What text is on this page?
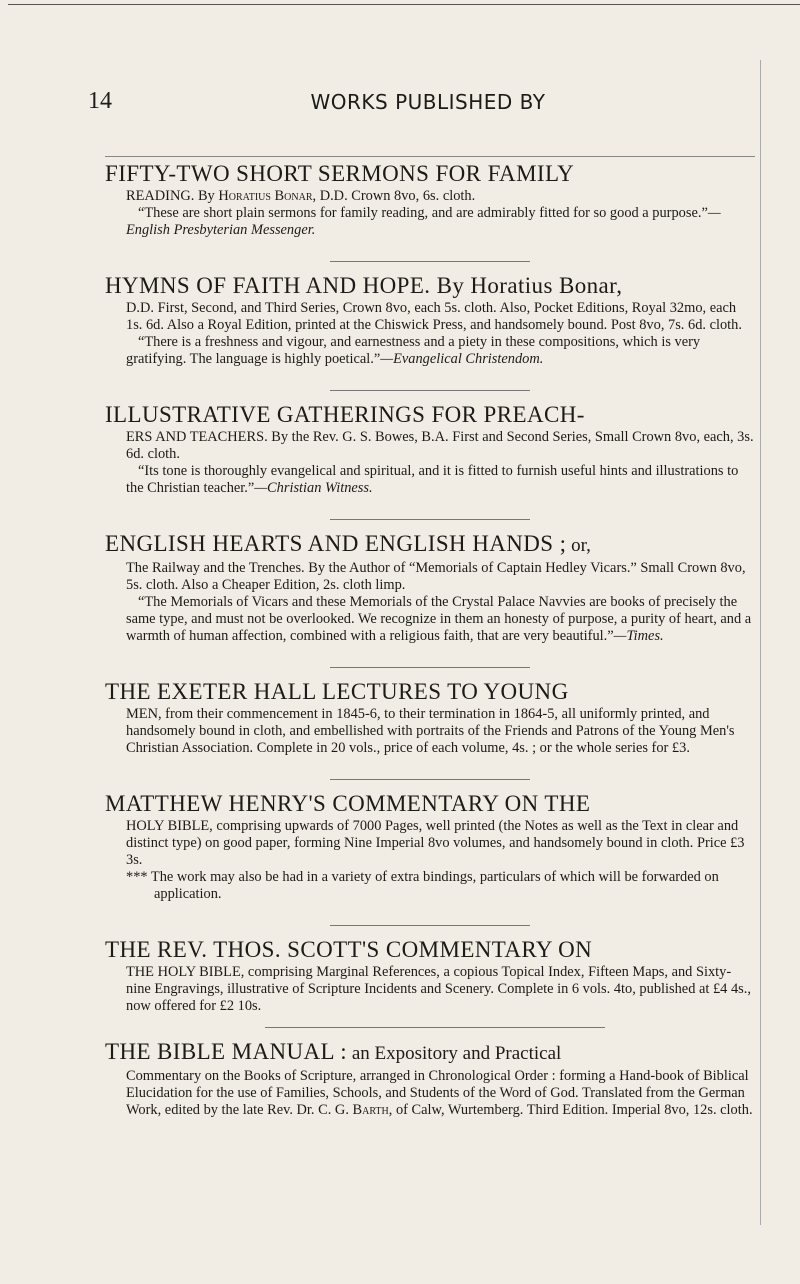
14	WORKS PUBLISHED BY
FIFTY-TWO SHORT SERMONS FOR FAMILY

READING. By Horatius Bonar, D.D. Crown 8vo, 6s. cloth.

“These are short plain sermons for family reading, and are admirably fitted for so good a purpose.”—English Presbyterian Messenger.

HYMNS OF FAITH AND HOPE. By Horatius Bonar,

D.D. First, Second, and Third Series, Crown 8vo, each 5s. cloth. Also, Pocket Editions, Royal 32mo, each 1s. 6d. Also a Royal Edition, printed at the Chiswick Press, and handsomely bound. Post 8vo, 7s. 6d. cloth.

“There is a freshness and vigour, and earnestness and a piety in these compositions, which is very gratifying. The language is highly poetical.”—Evangelical Christendom.

ILLUSTRATIVE GATHERINGS FOR PREACH-

ERS AND TEACHERS. By the Rev. G. S. Bowes, B.A. First and Second Series, Small Crown 8vo, each, 3s. 6d. cloth.

“Its tone is thoroughly evangelical and spiritual, and it is fitted to furnish useful hints and illustrations to the Christian teacher.”—Christian Witness.

ENGLISH HEARTS AND ENGLISH HANDS ; or,

The Railway and the Trenches. By the Author of “Memorials of Captain Hedley Vicars.” Small Crown 8vo, 5s. cloth. Also a Cheaper Edition, 2s. cloth limp.

“The Memorials of Vicars and these Memorials of the Crystal Palace Navvies are books of precisely the same type, and must not be overlooked. We recognize in them an honesty of purpose, a purity of heart, and a warmth of human affection, combined with a religious faith, that are very beautiful.”—Times.

THE EXETER HALL LECTURES TO YOUNG

MEN, from their commencement in 1845-6, to their termination in 1864-5, all uniformly printed, and handsomely bound in cloth, and embellished with portraits of the Friends and Patrons of the Young Men's Christian Association. Complete in 20 vols., price of each volume, 4s. ; or the whole series for £3.

MATTHEW HENRY'S COMMENTARY ON THE

HOLY BIBLE, comprising upwards of 7000 Pages, well printed (the Notes as well as the Text in clear and distinct type) on good paper, forming Nine Imperial 8vo volumes, and handsomely bound in cloth. Price £3 3s.

*** The work may also be had in a variety of extra bindings, particulars of which will be forwarded on application.

THE REV. THOS. SCOTT'S COMMENTARY ON

THE HOLY BIBLE, comprising Marginal References, a copious Topical Index, Fifteen Maps, and Sixty-nine Engravings, illustrative of Scripture Incidents and Scenery. Complete in 6 vols. 4to, published at £4 4s., now offered for £2 10s.

THE BIBLE MANUAL : an Expository and Practical

Commentary on the Books of Scripture, arranged in Chronological Order : forming a Hand-book of Biblical Elucidation for the use of Families, Schools, and Students of the Word of God. Translated from the German Work, edited by the late Rev. Dr. C. G. Barth, of Calw, Wurtemberg. Third Edition. Imperial 8vo, 12s. cloth.
